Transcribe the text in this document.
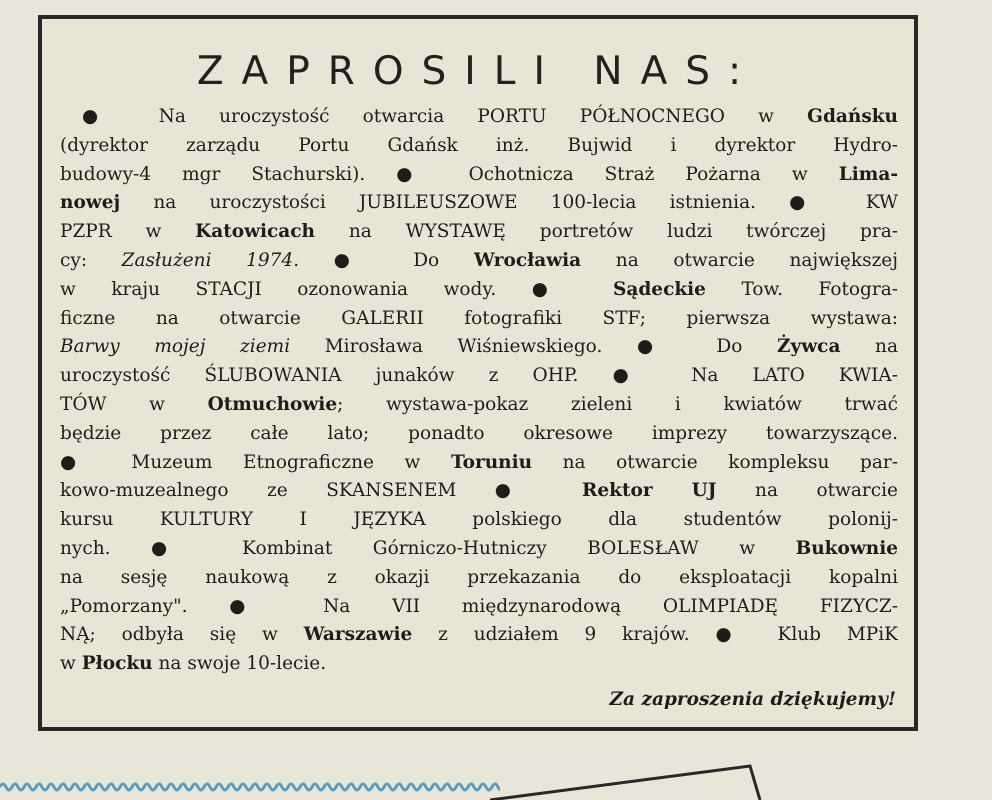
ZAPROSILI NAS:
● Na uroczystość otwarcia PORTU PÓŁNOCNEGO w Gdańsku
(dyrektor zarządu Portu Gdańsk inż. Bujwid i dyrektor Hydro-
budowy-4 mgr Stachurski). ● Ochotnicza Straż Pożarna w Lima-
nowej na uroczystości JUBILEUSZOWE 100-lecia istnienia. ● KW
PZPR w Katowicach na WYSTAWĘ portretów ludzi twórczej pra-
cy: Zasłużeni 1974. ● Do Wrocławia na otwarcie największej
w kraju STACJI ozonowania wody. ● Sądeckie Tow. Fotogra-
ficzne na otwarcie GALERII fotografiki STF; pierwsza wystawa:
Barwy mojej ziemi Mirosława Wiśniewskiego. ● Do Żywca na
uroczystość ŚLUBOWANIA junaków z OHP. ● Na LATO KWIA-
TÓW w Otmuchowie; wystawa-pokaz zieleni i kwiatów trwać
będzie przez całe lato; ponadto okresowe imprezy towarzyszące.
● Muzeum Etnograficzne w Toruniu na otwarcie kompleksu par-
kowo-muzealnego ze SKANSENEM ● Rektor UJ na otwarcie
kursu KULTURY I JĘZYKA polskiego dla studentów polonij-
nych. ● Kombinat Górniczo-Hutniczy BOLESŁAW w Bukownie
na sesję naukową z okazji przekazania do eksploatacji kopalni
„Pomorzany". ● Na VII międzynarodową OLIMPIADĘ FIZYCZ-
NĄ; odbyła się w Warszawie z udziałem 9 krajów. ● Klub MPiK
w Płocku na swoje 10-lecie.
Za zaproszenia dziękujemy!
